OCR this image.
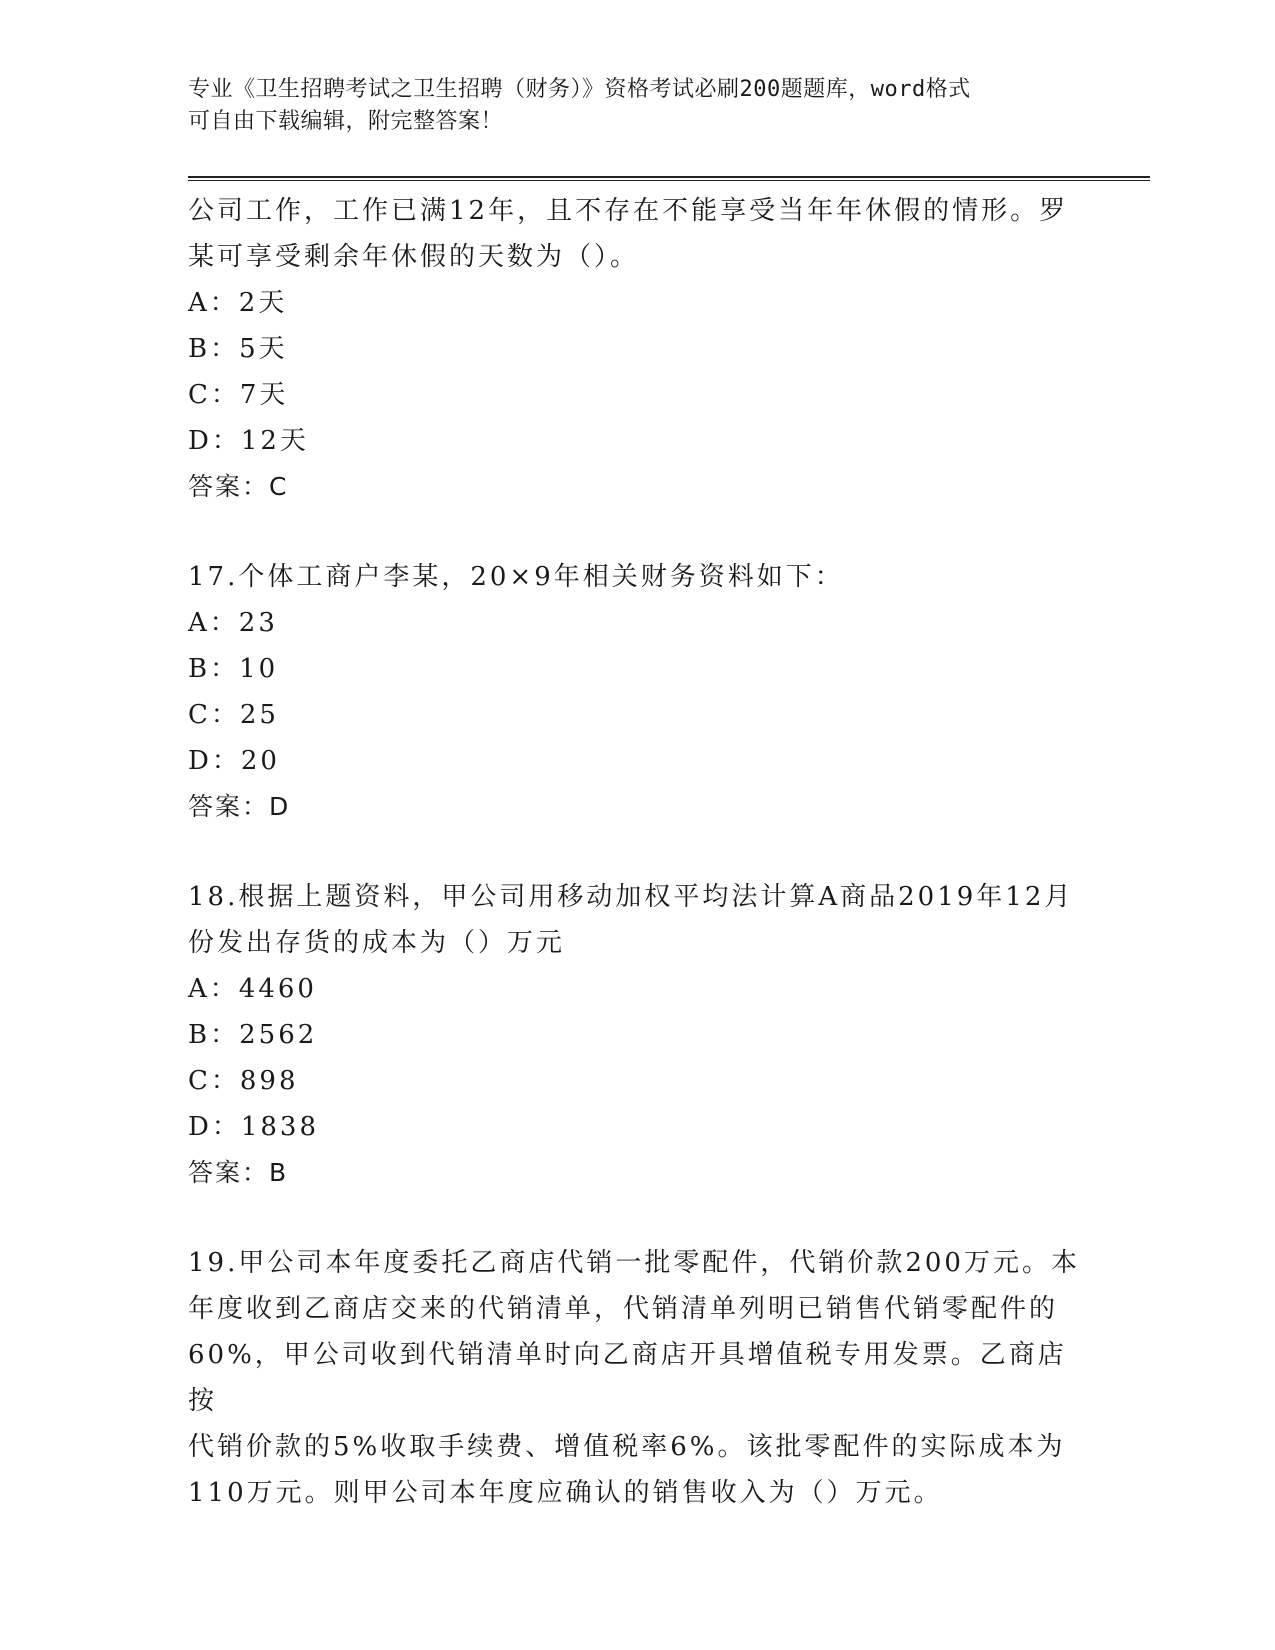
专业《卫生招聘考试之卫生招聘（财务）》资格考试必刷200题题库，word格式
可自由下载编辑，附完整答案！

公司工作，工作已满12年，且不存在不能享受当年年休假的情形。罗

某可享受剩余年休假的天数为（）。

A：2天

B：5天

C：7天

D：12天

答案：C

17.个体工商户李某，20×9年相关财务资料如下：

A：23

B：10

C：25

D：20

答案：D

18.根据上题资料，甲公司用移动加权平均法计算A商品2019年12月

份发出存货的成本为（）万元

A：4460

B：2562

C：898

D：1838

答案：B

19.甲公司本年度委托乙商店代销一批零配件，代销价款200万元。本

年度收到乙商店交来的代销清单，代销清单列明已销售代销零配件的

60%，甲公司收到代销清单时向乙商店开具增值税专用发票。乙商店按

代销价款的5%收取手续费、增值税率6%。该批零配件的实际成本为

110万元。则甲公司本年度应确认的销售收入为（）万元。
